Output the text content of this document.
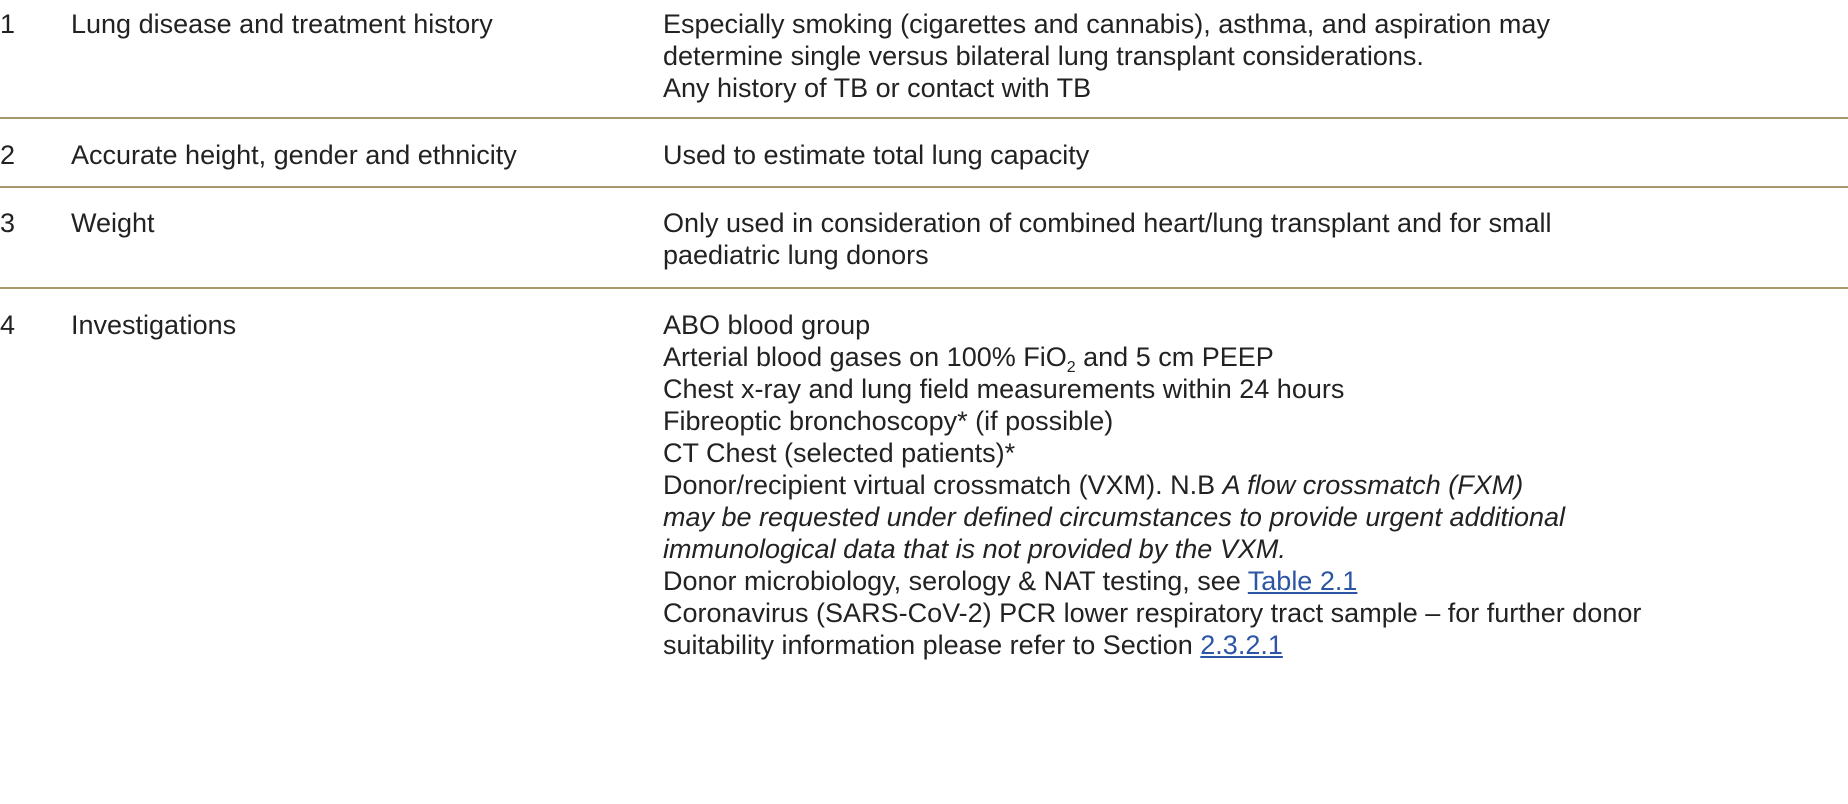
1	Lung disease and treatment history	Especially smoking (cigarettes and cannabis), asthma, and aspiration may
determine single versus bilateral lung transplant considerations.
Any history of TB or contact with TB
2	Accurate height, gender and ethnicity	Used to estimate total lung capacity
3	Weight	Only used in consideration of combined heart/lung transplant and for small
paediatric lung donors
4	Investigations	ABO blood group
Arterial blood gases on 100% FiO$_2$ and 5 cm PEEP
Chest x-ray and lung field measurements within 24 hours
Fibreoptic bronchoscopy* (if possible)
CT Chest (selected patients)*
Donor/recipient virtual crossmatch (VXM). N.B A flow crossmatch (FXM)
may be requested under defined circumstances to provide urgent additional
immunological data that is not provided by the VXM.
Donor microbiology, serology & NAT testing, see Table 2.1
Coronavirus (SARS-CoV-2) PCR lower respiratory tract sample – for further donor
suitability information please refer to Section 2.3.2.1
